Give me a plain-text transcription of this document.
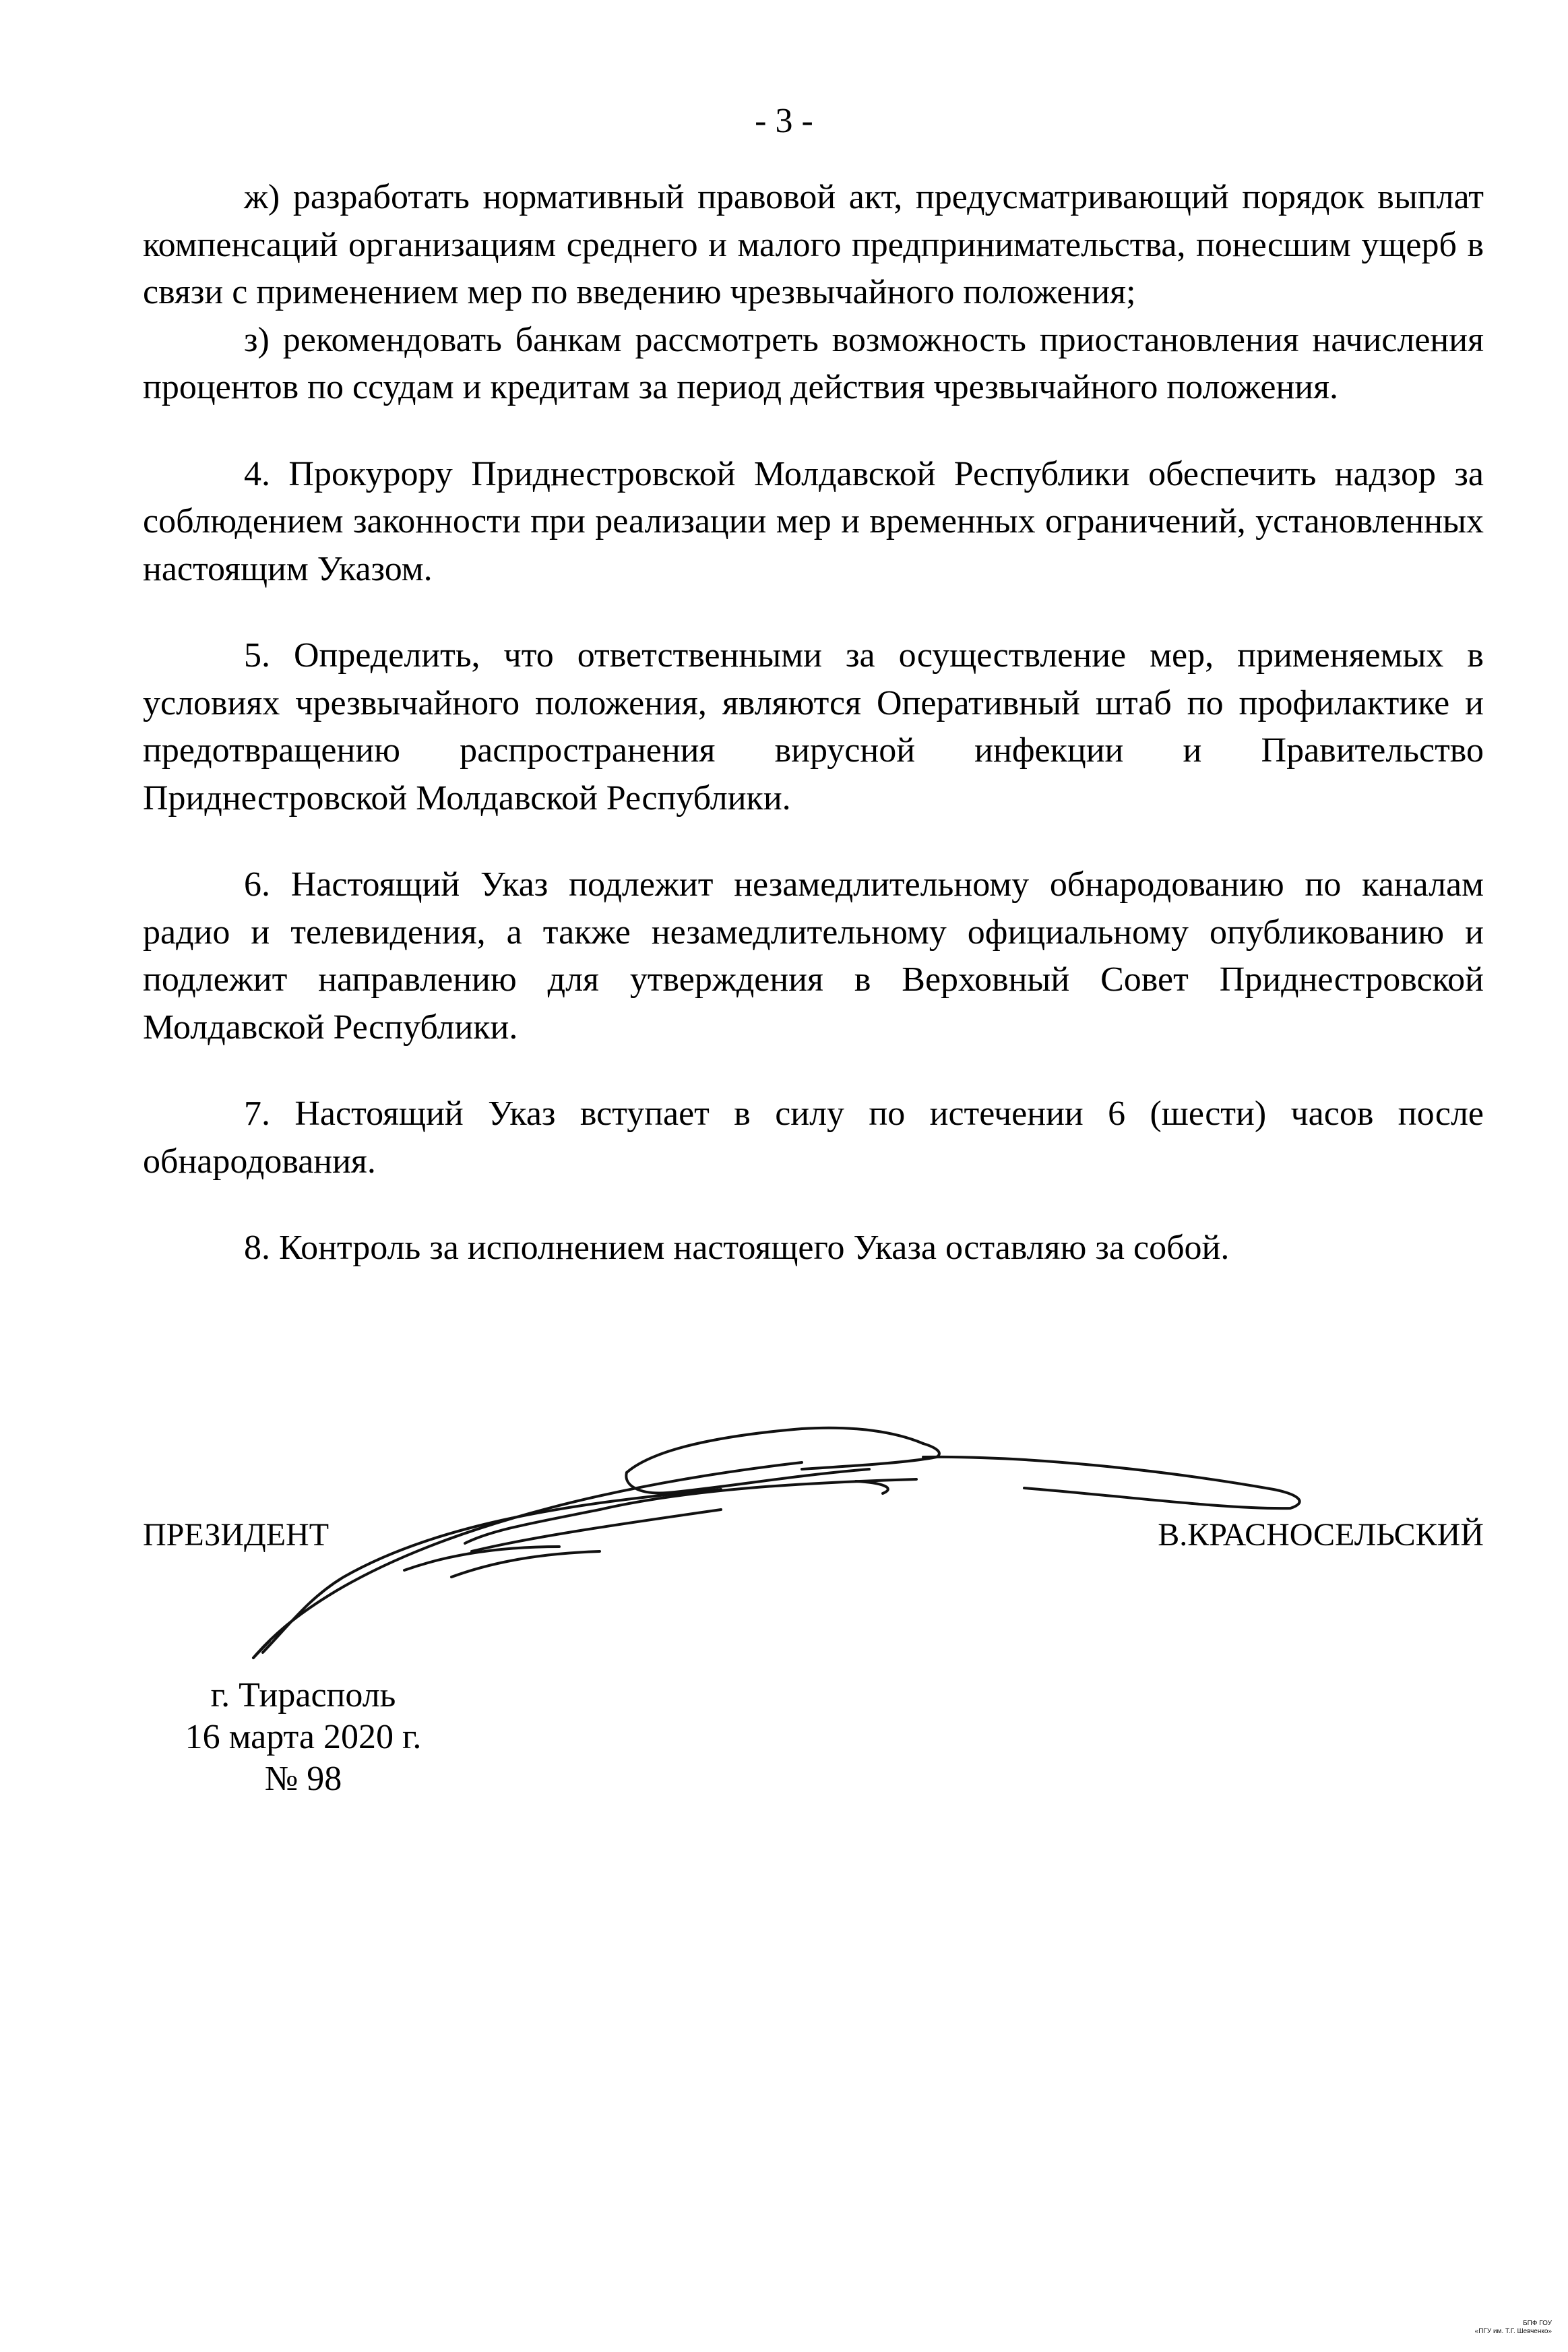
- 3 -

ж) разработать нормативный правовой акт, предусматривающий порядок выплат компенсаций организациям среднего и малого предпринимательства, понесшим ущерб в связи с применением мер по введению чрезвычайного положения;

з) рекомендовать банкам рассмотреть возможность приостановления начисления процентов по ссудам и кредитам за период действия чрезвычайного положения.

4. Прокурору Приднестровской Молдавской Республики обеспечить надзор за соблюдением законности при реализации мер и временных ограничений, установленных настоящим Указом.

5. Определить, что ответственными за осуществление мер, применяемых в условиях чрезвычайного положения, являются Оперативный штаб по профилактике и предотвращению распространения вирусной инфекции и Правительство Приднестровской Молдавской Республики.

6. Настоящий Указ подлежит незамедлительному обнародованию по каналам радио и телевидения, а также незамедлительному официальному опубликованию и подлежит направлению для утверждения в Верховный Совет Приднестровской Молдавской Республики.

7. Настоящий Указ вступает в силу по истечении 6 (шести) часов после обнародования.

8. Контроль за исполнением настоящего Указа оставляю за собой.

ПРЕЗИДЕНТ	В.КРАСНОСЕЛЬСКИЙ
г. Тирасполь
16 марта 2020 г.
№ 98
БПФ ГОУ
«ПГУ им. Т.Г. Шевченко»
